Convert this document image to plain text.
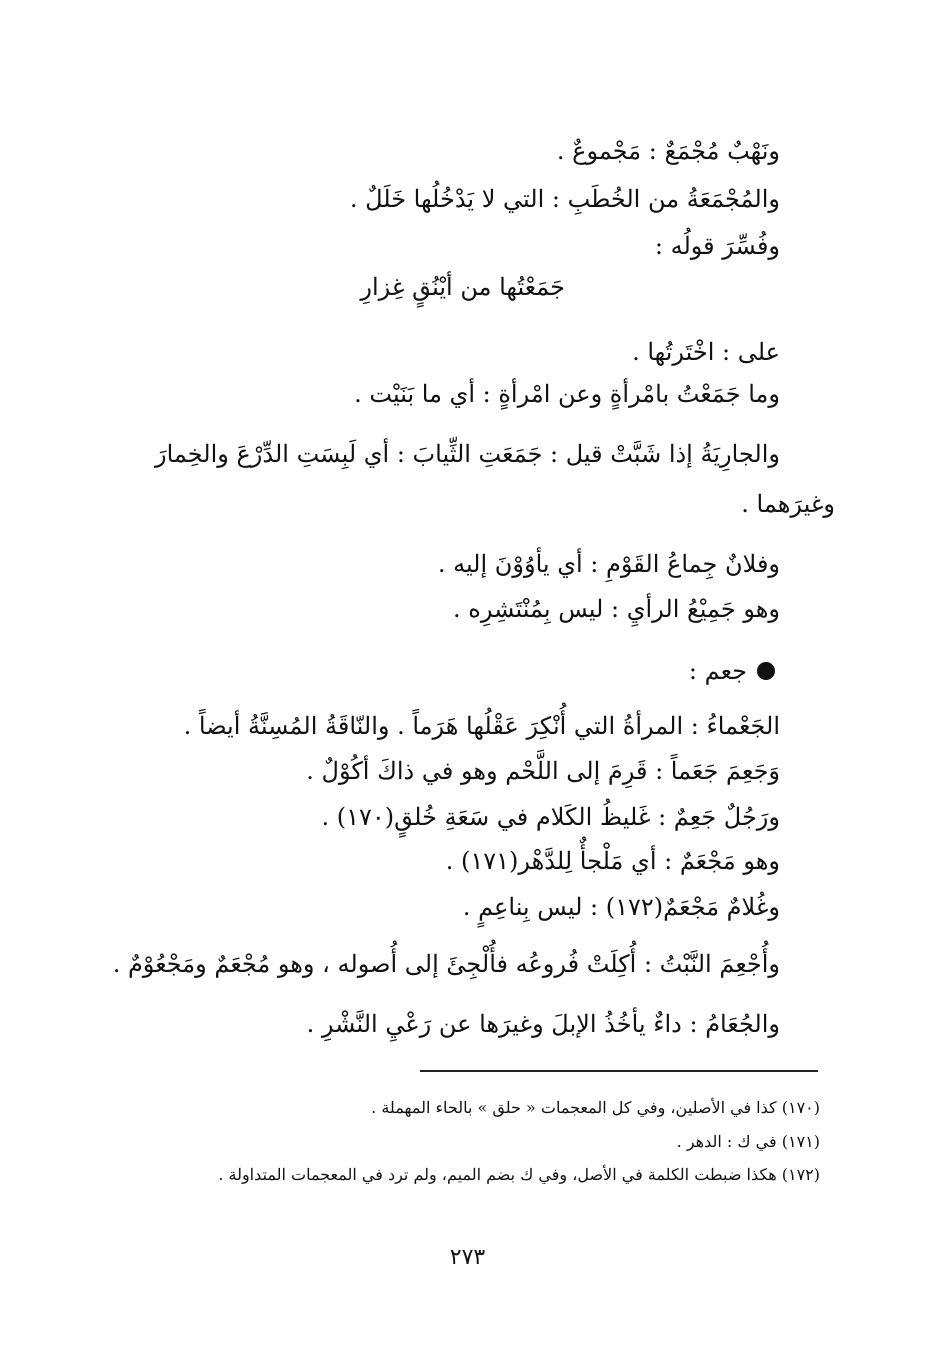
ونَهْبٌ مُجْمَعٌ : مَجْموعٌ .
والمُجْمَعَةُ من الخُطَبِ : التي لا يَدْخُلُها خَلَلٌ .
وفُسِّرَ قولُه :
جَمَعْتُها من أيْنُقٍ غِزارِ
على : اخْتَرتُها .
وما جَمَعْتُ بامْرأةٍ وعن امْرأةٍ : أي ما بَنَيْت .
والجارِيَةُ إذا شَبَّتْ قيل : جَمَعَتِ الثِّيابَ : أي لَبِسَتِ الدِّرْعَ والخِمارَ
وغيرَهما .
وفلانٌ جِماعُ القَوْمِ : أي يأوُوْنَ إليه .
وهو جَمِيْعُ الرأيِ : ليس بِمُنْتَشِرِه .
جعم :
الجَعْماءُ : المرأةُ التي أُنْكِرَ عَقْلُها هَرَماً . والنّاقَةُ المُسِنَّةُ أيضاً .
وَجَعِمَ جَعَماً : قَرِمَ إلى اللَّحْم وهو في ذاكَ أكُوْلٌ .
ورَجُلٌ جَعِمٌ : غَليظُ الكَلام في سَعَةِ خُلقٍ(١٧٠) .
وهو مَجْعَمٌ : أي مَلْجأٌ لِلدَّهْر(١٧١) .
وغُلامٌ مَجْعَمٌ(١٧٢) : ليس بِناعِمٍ .
وأُجْعِمَ النَّبْتُ : أُكِلَتْ فُروعُه فأُلْجِئَ إلى أُصوله ، وهو مُجْعَمٌ ومَجْعُوْمٌ .
والجُعَامُ : داءٌ يأخُذُ الإبلَ وغيرَها عن رَعْيِ النَّشْرِ .
(١٧٠) كذا في الأصلين، وفي كل المعجمات « حلق » بالحاء المهملة .
(١٧١) في ك : الدهر .
(١٧٢) هكذا ضبطت الكلمة في الأصل، وفي ك بضم الميم، ولم ترد في المعجمات المتداولة .
٢٧٣
